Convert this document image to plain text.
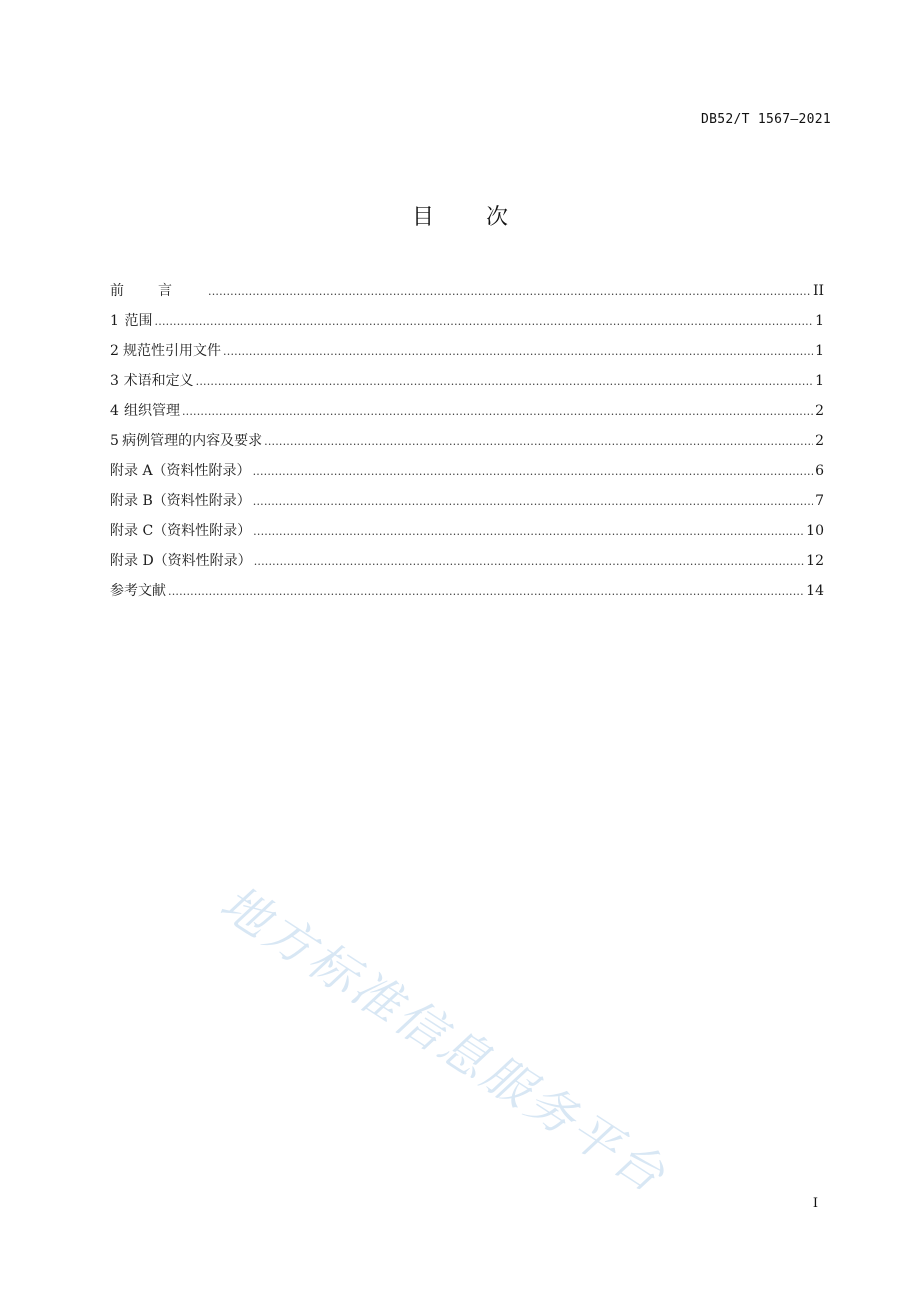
DB52/T 1567—2021
目 次
前言 .....	II
1 范围 .....	1
2 规范性引用文件 .....	1
3 术语和定义 .....	1
4 组织管理 .....	2
5 病例管理的内容及要求 .....	2
附录 A（资料性附录） .....	6
附录 B（资料性附录） .....	7
附录 C（资料性附录） .....	10
附录 D（资料性附录） .....	12
参考文献 .....	14
地方标准信息服务平台	I
